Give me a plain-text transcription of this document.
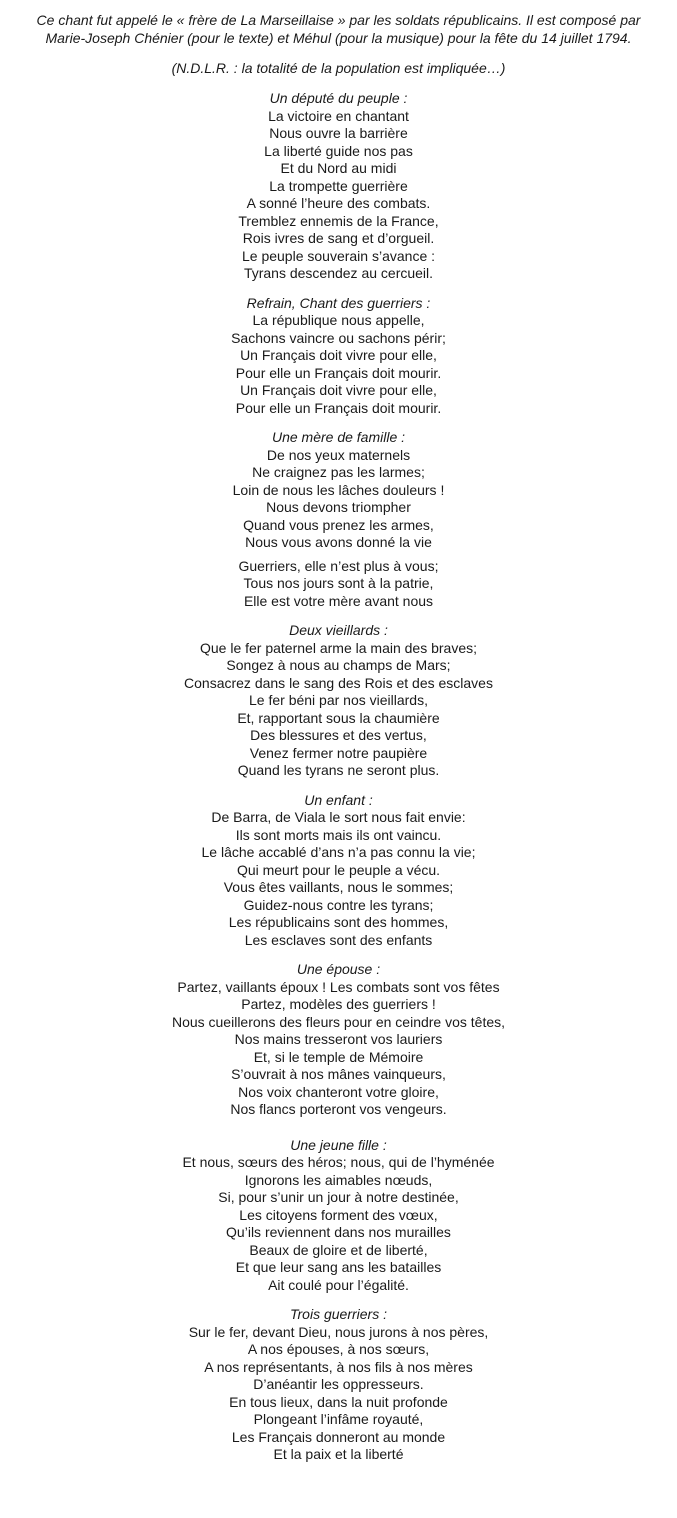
Ce chant fut appelé le « frère de La Marseillaise » par les soldats républicains. Il est composé par

Marie-Joseph Chénier (pour le texte) et Méhul (pour la musique) pour la fête du 14 juillet 1794.

(N.D.L.R. : la totalité de la population est impliquée…)
Un député du peuple :
La victoire en chantant
Nous ouvre la barrière
La liberté guide nos pas
Et du Nord au midi
La trompette guerrière
A sonné l’heure des combats.
Tremblez ennemis de la France,
Rois ivres de sang et d’orgueil.
Le peuple souverain s’avance :
Tyrans descendez au cercueil.
Refrain, Chant des guerriers :
La république nous appelle,
Sachons vaincre ou sachons périr;
Un Français doit vivre pour elle,
Pour elle un Français doit mourir.
Un Français doit vivre pour elle,
Pour elle un Français doit mourir.
Une mère de famille :
De nos yeux maternels
Ne craignez pas les larmes;
Loin de nous les lâches douleurs !
Nous devons triompher
Quand vous prenez les armes,
Nous vous avons donné la vie
Guerriers, elle n’est plus à vous;
Tous nos jours sont à la patrie,
Elle est votre mère avant nous
Deux vieillards :
Que le fer paternel arme la main des braves;
Songez à nous au champs de Mars;
Consacrez dans le sang des Rois et des esclaves
Le fer béni par nos vieillards,
Et, rapportant sous la chaumière
Des blessures et des vertus,
Venez fermer notre paupière
Quand les tyrans ne seront plus.
Un enfant :
De Barra, de Viala le sort nous fait envie:
Ils sont morts mais ils ont vaincu.
Le lâche accablé d’ans n’a pas connu la vie;
Qui meurt pour le peuple a vécu.
Vous êtes vaillants, nous le sommes;
Guidez-nous contre les tyrans;
Les républicains sont des hommes,
Les esclaves sont des enfants
Une épouse :
Partez, vaillants époux ! Les combats sont vos fêtes
Partez, modèles des guerriers !
Nous cueillerons des fleurs pour en ceindre vos têtes,
Nos mains tresseront vos lauriers
Et, si le temple de Mémoire
S’ouvrait à nos mânes vainqueurs,
Nos voix chanteront votre gloire,
Nos flancs porteront vos vengeurs.
Une jeune fille :
Et nous, sœurs des héros; nous, qui de l’hyménée
Ignorons les aimables nœuds,
Si, pour s’unir un jour à notre destinée,
Les citoyens forment des vœux,
Qu’ils reviennent dans nos murailles
Beaux de gloire et de liberté,
Et que leur sang ans les batailles
Ait coulé pour l’égalité.
Trois guerriers :
Sur le fer, devant Dieu, nous jurons à nos pères,
A nos épouses, à nos sœurs,
A nos représentants, à nos fils à nos mères
D’anéantir les oppresseurs.
En tous lieux, dans la nuit profonde
Plongeant l’infâme royauté,
Les Français donneront au monde
Et la paix et la liberté
